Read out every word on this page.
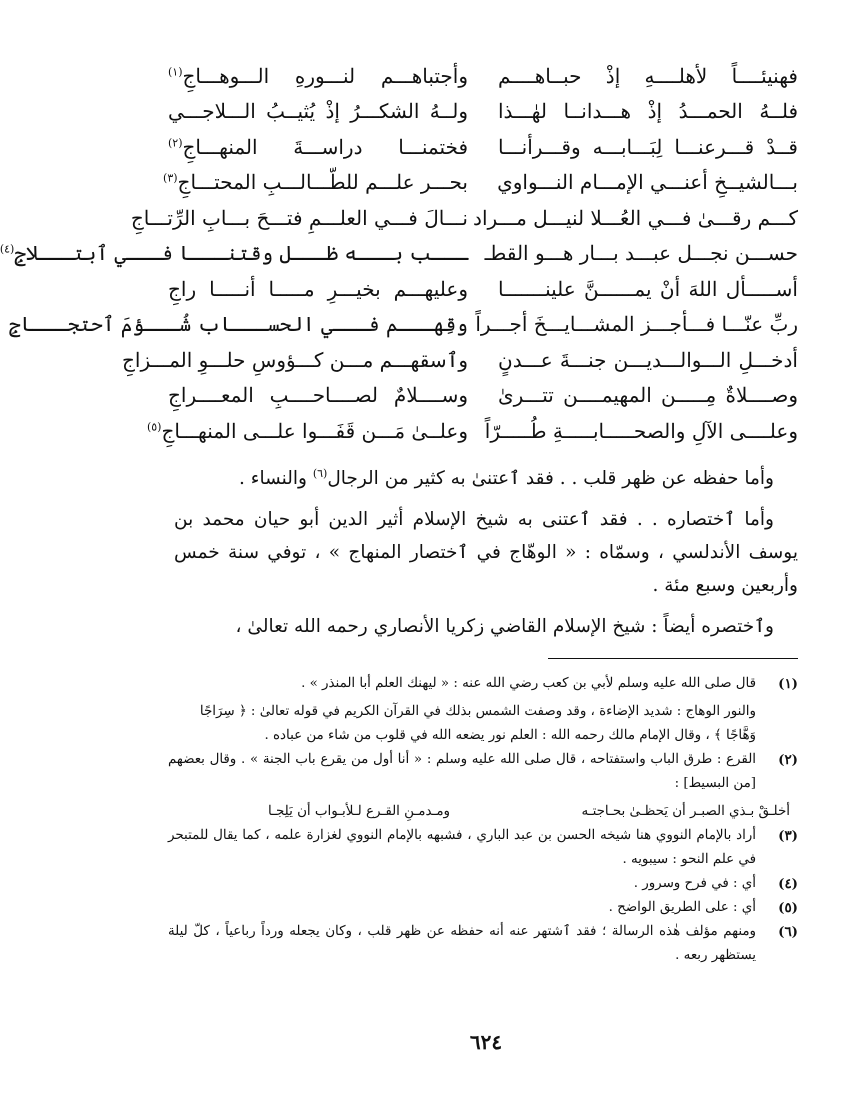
فهنيئــــاً لأهلــــهِ إذْ حبــاهــــم
وأجتباهـــم لنـــورهِ الـــوهـــاجِ$^{(١)}$
فلــهُ الحمـــدُ إذْ هـــدانــا لهٰـــذا
ولــهُ الشكـــرُ إذْ يُثيــبُ الـــلاجـــي
قــدْ قـــرعنـــا لِبَـــابـــه وقـــرأنـــا
فختمنـــا دراســـةَ المنهـــاجِ$^{(٢)}$
بـــالشيــخِ أعنـــي الإمـــام النـــواوي
بحـــر علـــم للطّـــالـــبِ المحتـــاجِ$^{(٣)}$
كـــم رقـــىٰ فـــي العُـــلا لنيـــل مـــراد
نـــالَ فـــي العلـــمِ فتـــحَ بـــابِ الرِّتـــاجِ
حســـن نجـــل عبـــد بـــار هـــو القطـ
ـــب بـــه ظـــل وقتنـــا فـــي ٱبتـــلاجِ$^{(٤)}$
أســـــأل اللهَ أنْ يمــــــنَّ علينـــــــا
وعليهـــم بخيـــرِ مـــــا أنـــــا راجِ
ربِّ عنّـــا فـــأجـــز المشـــايـــخَ أجـــراً
وقِهـــم فـــي الحســـاب شُـــؤمَ ٱحتجـــاجِ
أدخـــلِ الـــوالـــديـــن جنـــةَ عـــدنٍ
وٱسقهـــم مـــن كـــؤوسِ حلـــوِ المـــزاجِ
وصــــلاةٌ مِـــــن المهيمــــن تتـــرىٰ
وســــلامٌ لصــــاحــــبِ المعــــراجِ
وعلــــى الآلِ والصحـــــابـــــةِ طُـــــرّاً
وعلــىٰ مَـــن قَفَـــوا علـــى المنهـــاجِ$^{(٥)}$

وأما حفظه عن ظهر قلب . . فقد ٱعتنىٰ به كثير من الرجال$^{(٦)}$ والنساء .

وأما ٱختصاره . . فقد ٱعتنى به شيخ الإسلام أثير الدين أبو حيان محمد بن يوسف الأندلسي ، وسمّاه : « الوهّاج في ٱختصار المنهاج » ، توفي سنة خمس وأربعين وسبع مئة .

وٱختصره أيضاً : شيخ الإسلام القاضي زكريا الأنصاري رحمه الله تعالىٰ ،

(١)

قال صلى الله عليه وسلم لأبي بن كعب رضي الله عنه : « ليهنك العلم أبا المنذر » .

والنور الوهاج : شديد الإضاءة ، وقد وصفت الشمس بذلك في القرآن الكريم في قوله تعالىٰ : ﴿ سِرَاجًا وَهَّاجًا ﴾ ، وقال الإمام مالك رحمه الله : العلم نور يضعه الله في قلوب من شاء من عباده .

(٢)

القرع : طرق الباب واستفتاحه ، قال صلى الله عليه وسلم : « أنا أول من يقرع باب الجنة » . وقال بعضهم [من البسيط] :

أخلـقْ بـذي الصبـر أن يَحظـىٰ بحـاجتـه
ومـدمـنِ القـرع لـلأبـواب أن يَلِجـا
(٣)

أراد بالإمام النووي هنا شيخه الحسن بن عبد الباري ، فشبهه بالإمام النووي لغزارة علمه ، كما يقال للمتبحر في علم النحو : سيبويه .

(٤)

أي : في فرح وسرور .

(٥)

أي : على الطريق الواضح .

(٦)

ومنهم مؤلف هٰذه الرسالة ؛ فقد ٱشتهر عنه أنه حفظه عن ظهر قلب ، وكان يجعله ورداً رباعياً ، كلّ ليلة يستظهر ربعه .

٦٢٤
